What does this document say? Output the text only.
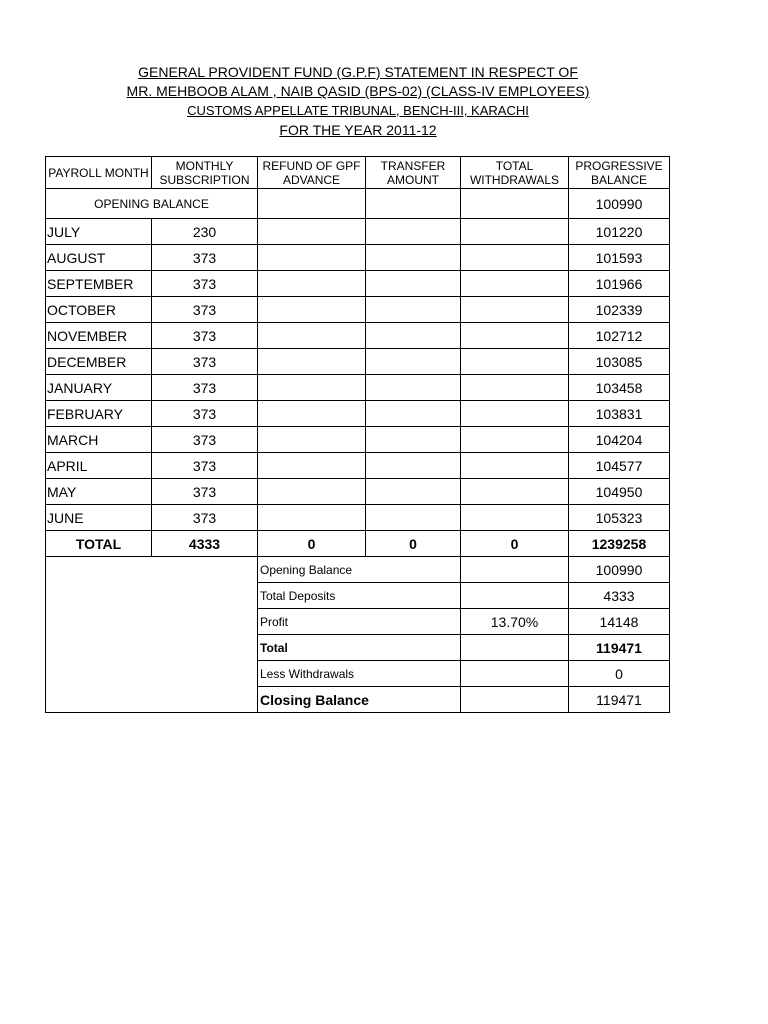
GENERAL PROVIDENT FUND (G.P.F) STATEMENT IN RESPECT OF
MR. MEHBOOB ALAM , NAIB QASID (BPS-02) (CLASS-IV EMPLOYEES)
CUSTOMS APPELLATE TRIBUNAL, BENCH-III, KARACHI
FOR THE YEAR 2011-12
PAYROLL MONTH	MONTHLY SUBSCRIPTION	REFUND OF GPF ADVANCE	TRANSFER AMOUNT	TOTAL WITHDRAWALS	PROGRESSIVE BALANCE
OPENING BALANCE					100990
JULY	230				101220
AUGUST	373				101593
SEPTEMBER	373				101966
OCTOBER	373				102339
NOVEMBER	373				102712
DECEMBER	373				103085
JANUARY	373				103458
FEBRUARY	373				103831
MARCH	373				104204
APRIL	373				104577
MAY	373				104950
JUNE	373				105323
TOTAL	4333	0	0	0	1239258
		Opening Balance			100990
		Total Deposits			4333
		Profit		13.70%	14148
		Total			119471
		Less Withdrawals			0
		Closing Balance			119471
